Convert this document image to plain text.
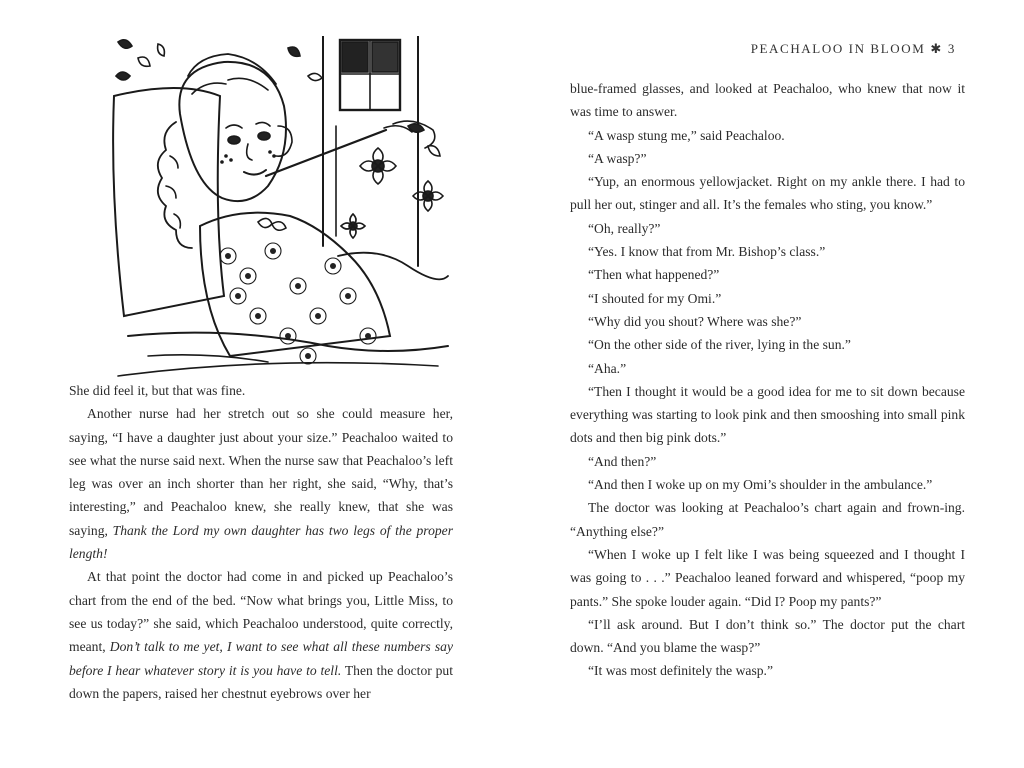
She did feel it, but that was fine.

Another nurse had her stretch out so she could measure her, saying, “I have a daughter just about your size.” Peachaloo waited to see what the nurse said next. When the nurse saw that Peachaloo’s left leg was over an inch shorter than her right, she said, “Why, that’s interesting,” and Peachaloo knew, she really knew, that she was saying, Thank the Lord my own daughter has two legs of the proper length!

At that point the doctor had come in and picked up Peachaloo’s chart from the end of the bed. “Now what brings you, Little Miss, to see us today?” she said, which Peachaloo understood, quite correctly, meant, Don’t talk to me yet, I want to see what all these numbers say before I hear whatever story it is you have to tell. Then the doctor put down the papers, raised her chestnut eyebrows over her

PEACHALOO IN BLOOM ✱ 3

blue-framed glasses, and looked at Peachaloo, who knew that now it was time to answer.

“A wasp stung me,” said Peachaloo.

“A wasp?”

“Yup, an enormous yellowjacket. Right on my ankle there. I had to pull her out, stinger and all. It’s the females who sting, you know.”

“Oh, really?”

“Yes. I know that from Mr. Bishop’s class.”

“Then what happened?”

“I shouted for my Omi.”

“Why did you shout? Where was she?”

“On the other side of the river, lying in the sun.”

“Aha.”

“Then I thought it would be a good idea for me to sit down because everything was starting to look pink and then smooshing into small pink dots and then big pink dots.”

“And then?”

“And then I woke up on my Omi’s shoulder in the ambulance.”

The doctor was looking at Peachaloo’s chart again and frown-ing. “Anything else?”

“When I woke up I felt like I was being squeezed and I thought I was going to . . .” Peachaloo leaned forward and whispered, “poop my pants.” She spoke louder again. “Did I? Poop my pants?”

“I’ll ask around. But I don’t think so.” The doctor put the chart down. “And you blame the wasp?”

“It was most definitely the wasp.”
